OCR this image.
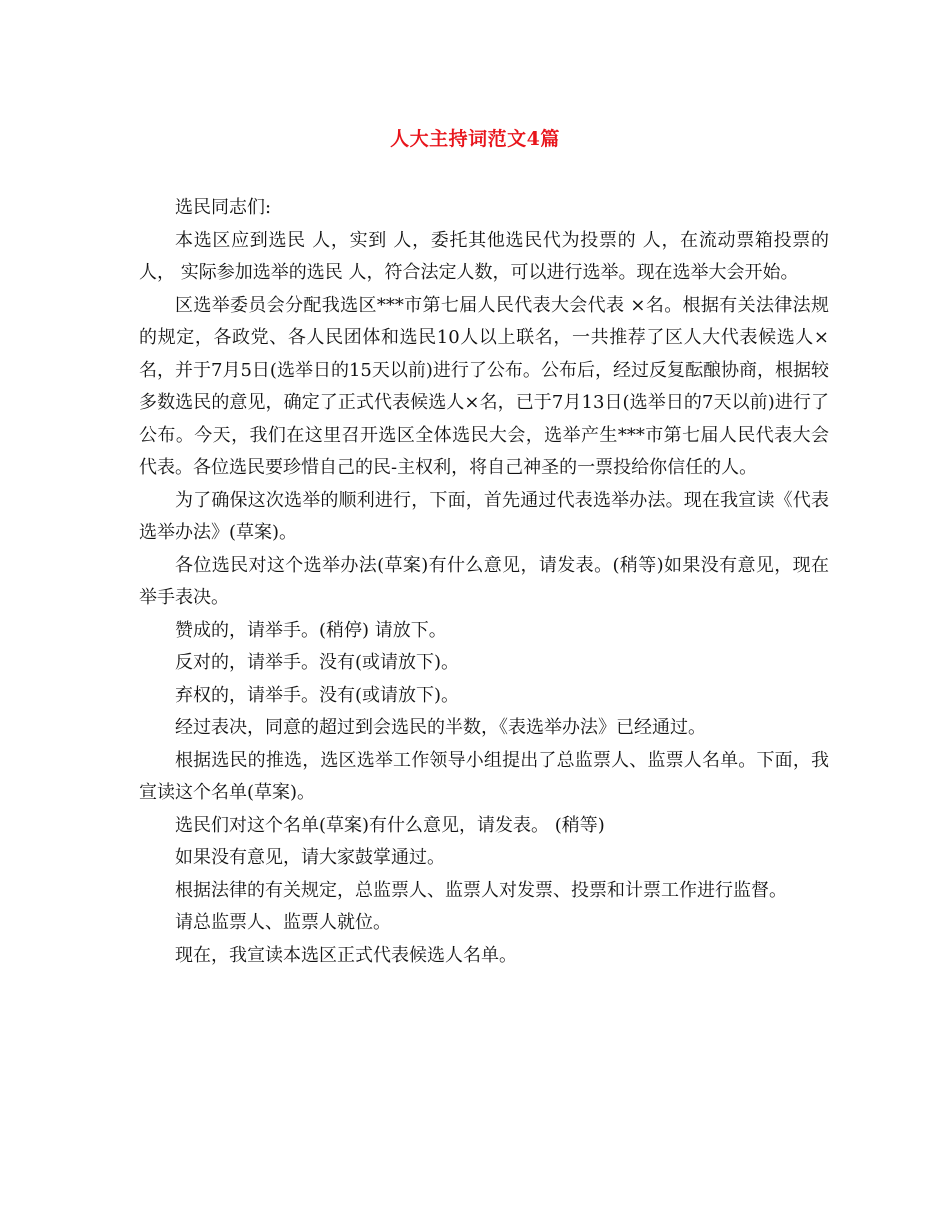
人大主持词范文4篇

选民同志们:

本选区应到选民 人，实到 人，委托其他选民代为投票的 人，在流动票箱投票的 人， 实际参加选举的选民 人，符合法定人数，可以进行选举。现在选举大会开始。

区选举委员会分配我选区***市第七届人民代表大会代表 ×名。根据有关法律法规的规定，各政党、各人民团体和选民10人以上联名，一共推荐了区人大代表候选人×名，并于7月5日(选举日的15天以前)进行了公布。公布后，经过反复酝酿协商，根据较多数选民的意见，确定了正式代表候选人×名，已于7月13日(选举日的7天以前)进行了公布。今天，我们在这里召开选区全体选民大会，选举产生***市第七届人民代表大会代表。各位选民要珍惜自己的民-主权利，将自己神圣的一票投给你信任的人。

为了确保这次选举的顺利进行，下面，首先通过代表选举办法。现在我宣读《代表选举办法》(草案)。

各位选民对这个选举办法(草案)有什么意见，请发表。(稍等)如果没有意见，现在举手表决。

赞成的，请举手。(稍停) 请放下。

反对的，请举手。没有(或请放下)。

弃权的，请举手。没有(或请放下)。

经过表决，同意的超过到会选民的半数，《表选举办法》已经通过。

根据选民的推选，选区选举工作领导小组提出了总监票人、监票人名单。下面，我宣读这个名单(草案)。

选民们对这个名单(草案)有什么意见，请发表。 (稍等)

如果没有意见，请大家鼓掌通过。

根据法律的有关规定，总监票人、监票人对发票、投票和计票工作进行监督。

请总监票人、监票人就位。

现在，我宣读本选区正式代表候选人名单。
